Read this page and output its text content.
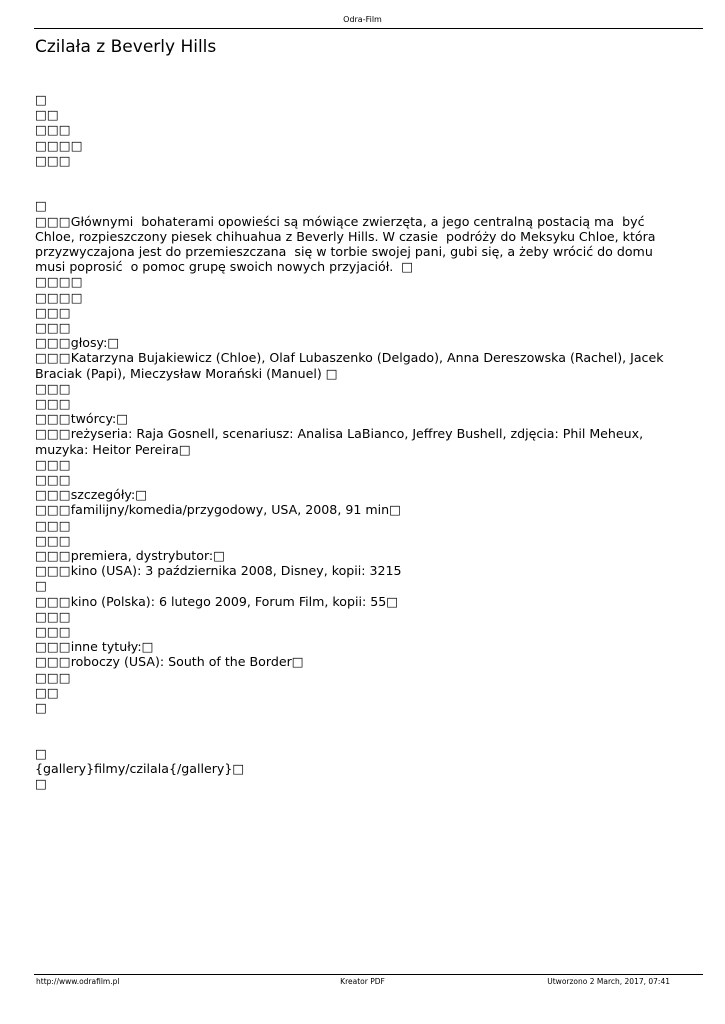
Odra-Film
Czilała z Beverly Hills
□
□□
□□□
□□□□
□□□
□
□□□Głównymi  bohaterami opowieści są mówiące zwierzęta, a jego centralną postacią ma  być Chloe, rozpieszczony piesek chihuahua z Beverly Hills. W czasie  podróży do Meksyku Chloe, która przyzwyczajona jest do przemieszczana  się w torbie swojej pani, gubi się, a żeby wrócić do domu musi poprosić  o pomoc grupę swoich nowych przyjaciół.  □
□□□□
□□□□
□□□
□□□
□□□głosy:□
□□□Katarzyna Bujakiewicz (Chloe), Olaf Lubaszenko (Delgado), Anna Dereszowska (Rachel), Jacek Braciak (Papi), Mieczysław Morański (Manuel) □
□□□
□□□
□□□twórcy:□
□□□reżyseria: Raja Gosnell, scenariusz: Analisa LaBianco, Jeffrey Bushell, zdjęcia: Phil Meheux, muzyka: Heitor Pereira□
□□□
□□□
□□□szczegóły:□
□□□familijny/komedia/przygodowy, USA, 2008, 91 min□
□□□
□□□
□□□premiera, dystrybutor:□
□□□kino (USA): 3 października 2008, Disney, kopii: 3215
□
□□□kino (Polska): 6 lutego 2009, Forum Film, kopii: 55□
□□□
□□□
□□□inne tytuły:□
□□□roboczy (USA): South of the Border□
□□□
□□
□
□
{gallery}filmy/czilala{/gallery}□
□
http://www.odrafilm.pl	Kreator PDF	Utworzono 2 March, 2017, 07:41
